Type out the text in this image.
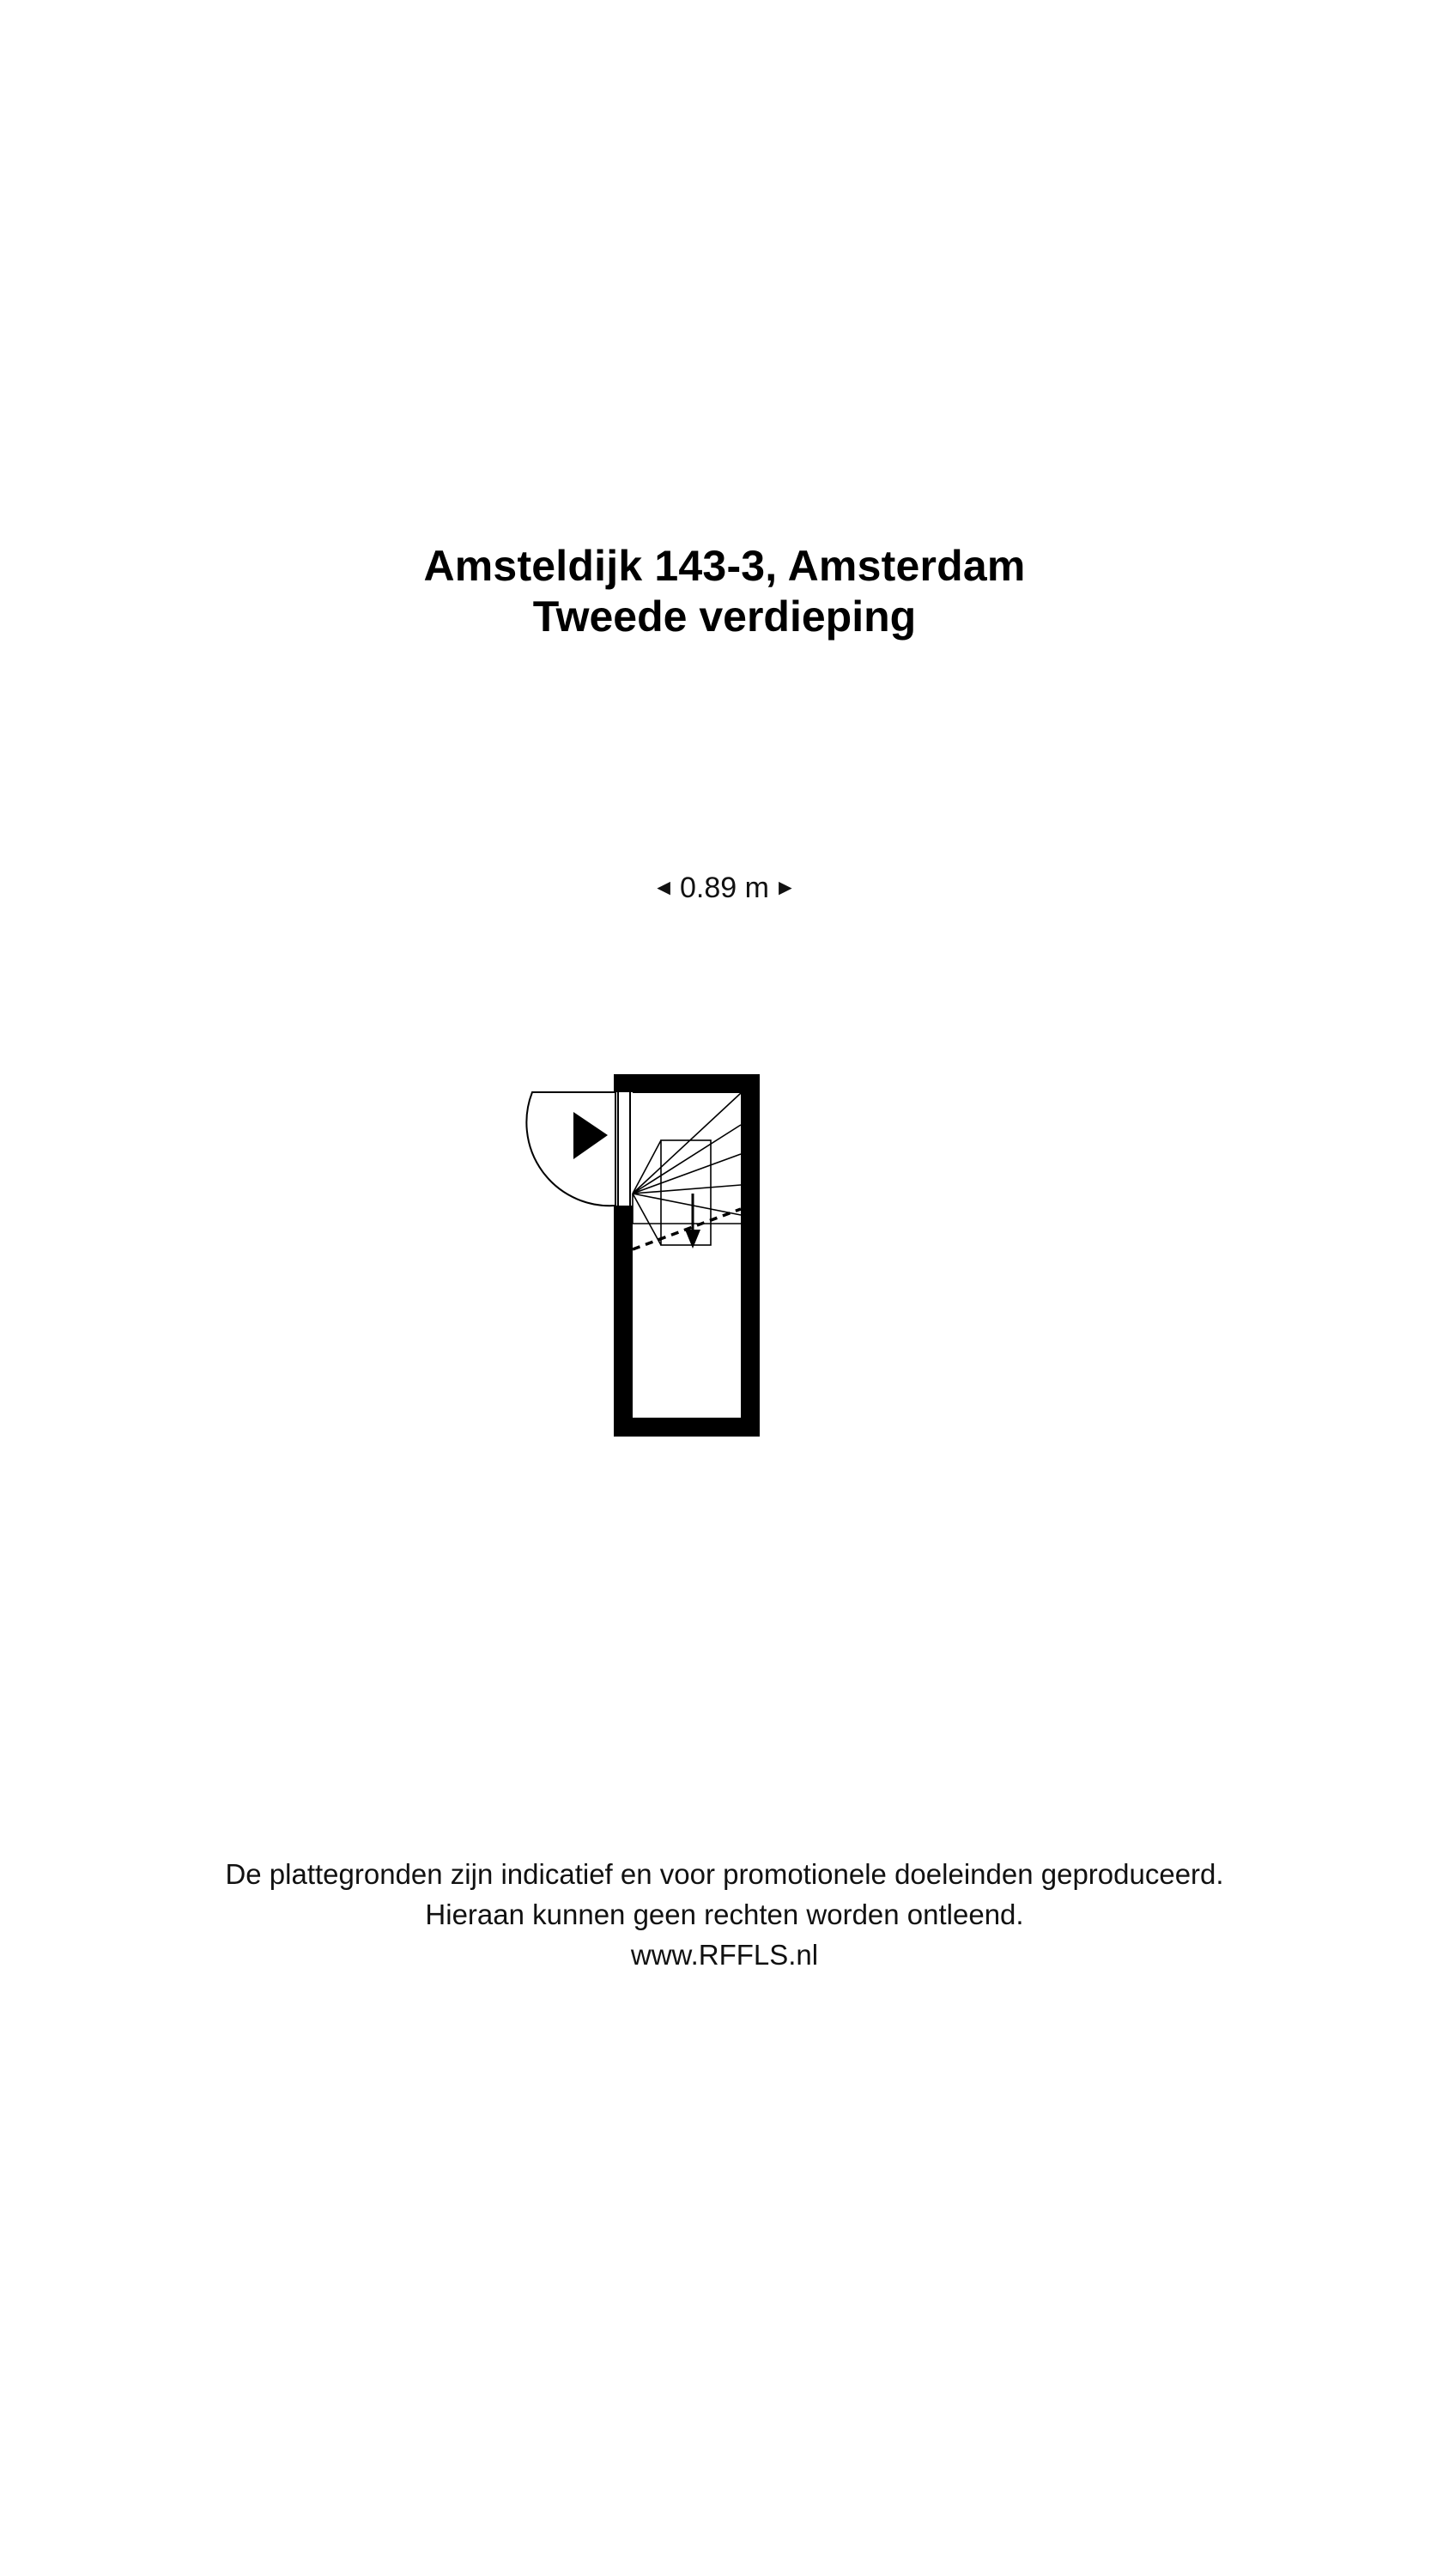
Amsteldijk 143-3, Amsterdam
Tweede verdieping
◄ 0.89 m ►
De plattegronden zijn indicatief en voor promotionele doeleinden geproduceerd.
Hieraan kunnen geen rechten worden ontleend.
www.RFFLS.nl
